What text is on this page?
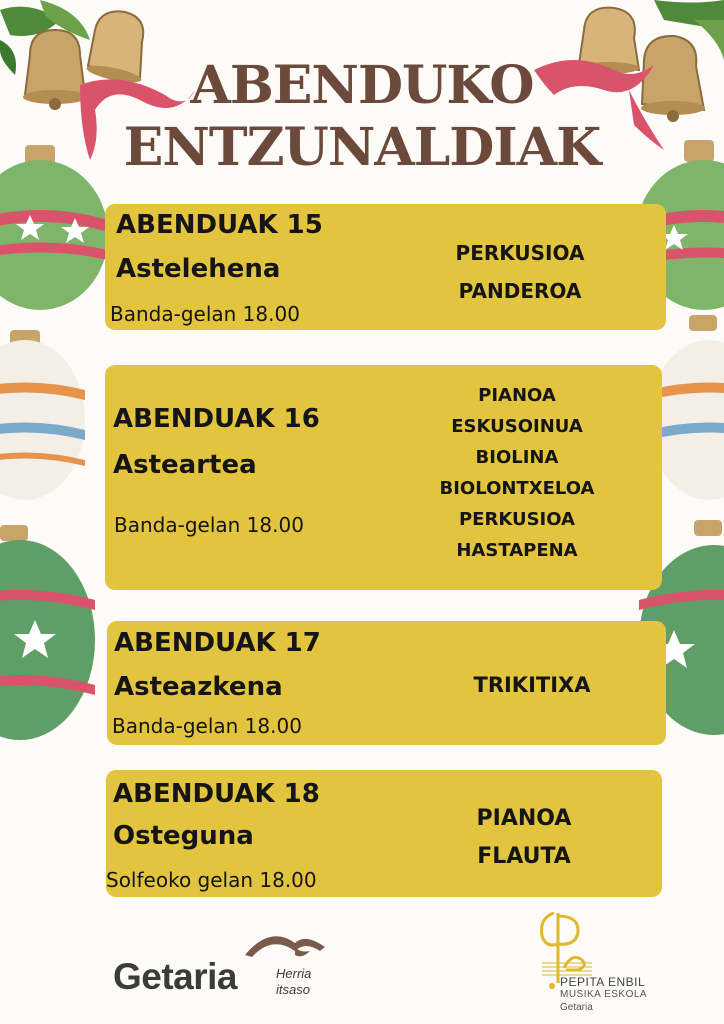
ABENDUKO
ENTZUNALDIAK
ABENDUAK 15
Astelehena
Banda-gelan 18.00
PERKUSIOA
PANDEROA
ABENDUAK 16
Asteartea
Banda-gelan 18.00
PIANOA
ESKUSOINUA
BIOLINA
BIOLONTXELOA
PERKUSIOA
HASTAPENA
ABENDUAK 17
Asteazkena
Banda-gelan 18.00
TRIKITIXA
ABENDUAK 18
Osteguna
Solfeoko gelan 18.00
PIANOA
FLAUTA
Getaria	Herria
itsaso	PEPITA ENBIL
MUSIKA ESKOLA
Getaria
